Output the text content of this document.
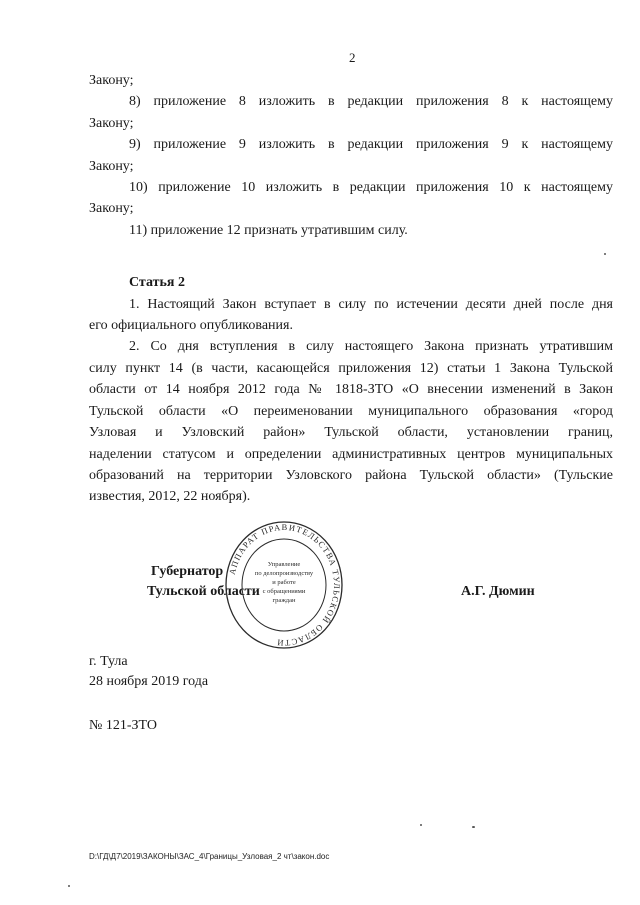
2

Закону;

8) приложение 8 изложить в редакции приложения 8 к настоящему

Закону;

9) приложение 9 изложить в редакции приложения 9 к настоящему

Закону;

10) приложение 10 изложить в редакции приложения 10 к настоящему

Закону;

11) приложение 12 признать утратившим силу.

Статья 2

1. Настоящий Закон вступает в силу по истечении десяти дней после дня

его официального опубликования.

2. Со дня вступления в силу настоящего Закона признать утратившим

силу пункт 14 (в части, касающейся приложения 12) статьи 1 Закона Тульской

области от 14 ноября 2012 года № 1818-ЗТО «О внесении изменений в Закон

Тульской области «О переименовании муниципального образования «город

Узловая и Узловский район» Тульской области, установлении границ,

наделении статусом и определении административных центров муниципальных

образований на территории Узловского района Тульской области» (Тульские

известия, 2012, 22 ноября).

Губернатор
Тульской области	А.Г. Дюмин
АППАРАТ ПРАВИТЕЛЬСТВА ТУЛЬСКОЙ ОБЛАСТИ
Управление
по делопроизводству
и работе
с обращениями
граждан
г. Тула
28 ноября 2019 года
№ 121-ЗТО
D:\ГД\Д7\2019\ЗАКОНЫ\ЗАС_4\Границы_Узловая_2 чт\закон.doc
